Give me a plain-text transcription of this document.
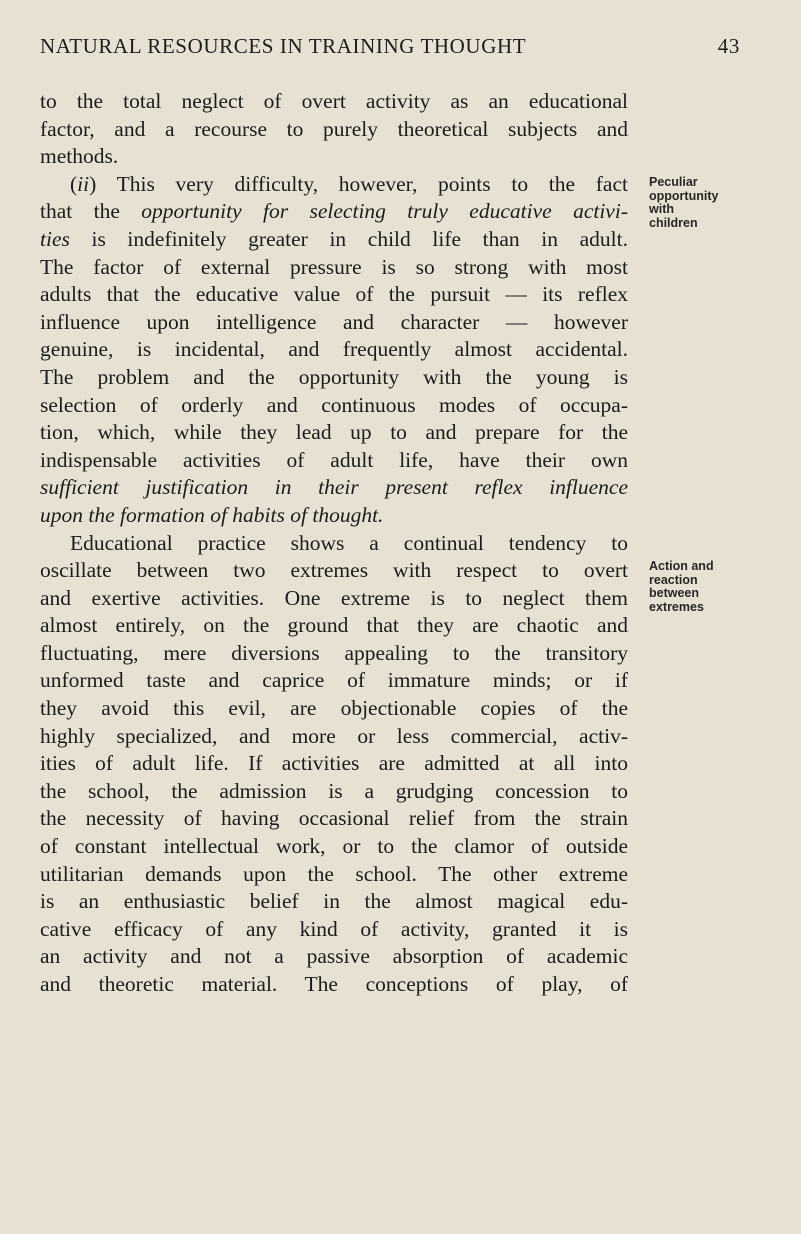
NATURAL RESOURCES IN TRAINING THOUGHT	43
to the total neglect of overt activity as an educational
factor, and a recourse to purely theoretical subjects and
methods.
(ii) This very difficulty, however, points to the fact
that the opportunity for selecting truly educative activi-
ties is indefinitely greater in child life than in adult.
The factor of external pressure is so strong with most
adults that the educative value of the pursuit — its reflex
influence upon intelligence and character — however
genuine, is incidental, and frequently almost accidental.
The problem and the opportunity with the young is
selection of orderly and continuous modes of occupa-
tion, which, while they lead up to and prepare for the
indispensable activities of adult life, have their own
sufficient justification in their present reflex influence
upon the formation of habits of thought.
Educational practice shows a continual tendency to
oscillate between two extremes with respect to overt
and exertive activities. One extreme is to neglect them
almost entirely, on the ground that they are chaotic and
fluctuating, mere diversions appealing to the transitory
unformed taste and caprice of immature minds; or if
they avoid this evil, are objectionable copies of the
highly specialized, and more or less commercial, activ-
ities of adult life. If activities are admitted at all into
the school, the admission is a grudging concession to
the necessity of having occasional relief from the strain
of constant intellectual work, or to the clamor of outside
utilitarian demands upon the school. The other extreme
is an enthusiastic belief in the almost magical edu-
cative efficacy of any kind of activity, granted it is
an activity and not a passive absorption of academic
and theoretic material. The conceptions of play, of
Peculiar
opportunity
with
children
Action and
reaction
between
extremes
